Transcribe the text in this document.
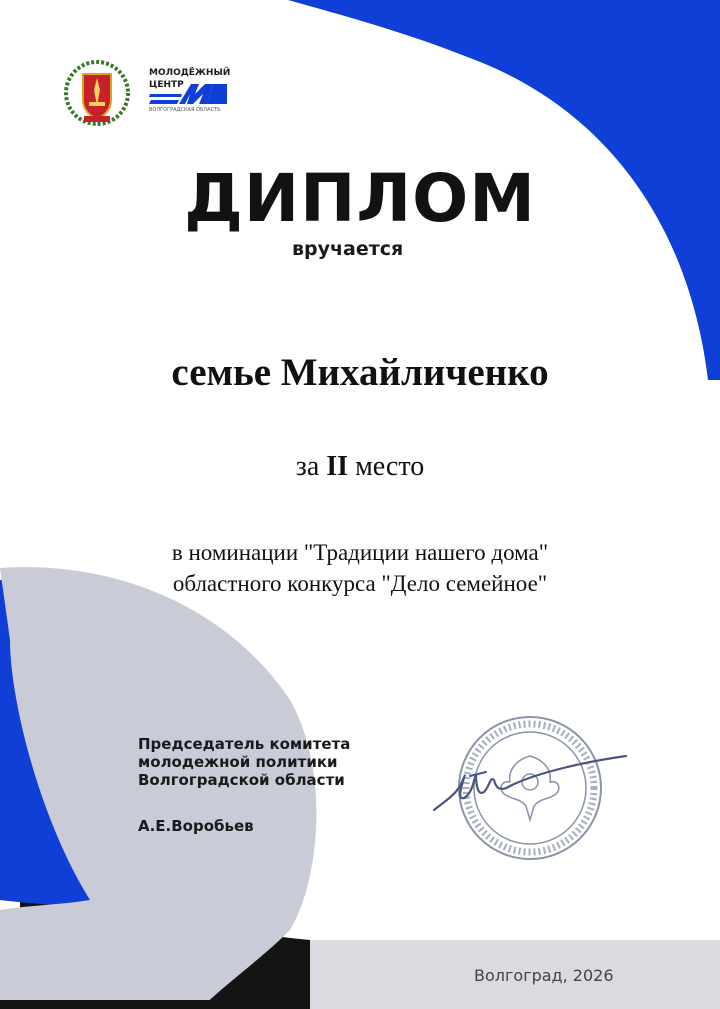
МОЛОДЁЖНЫЙ
ЦЕНТР
ВОЛГОГРАДСКАЯ ОБЛАСТЬ
ДИПЛОМ
вручается
семье Михайличенко
за II место
в номинации "Традиции нашего дома"
областного конкурса "Дело семейное"
Председатель комитета
молодежной политики
Волгоградской области
А.Е.Воробьев
Волгоград, 2026
